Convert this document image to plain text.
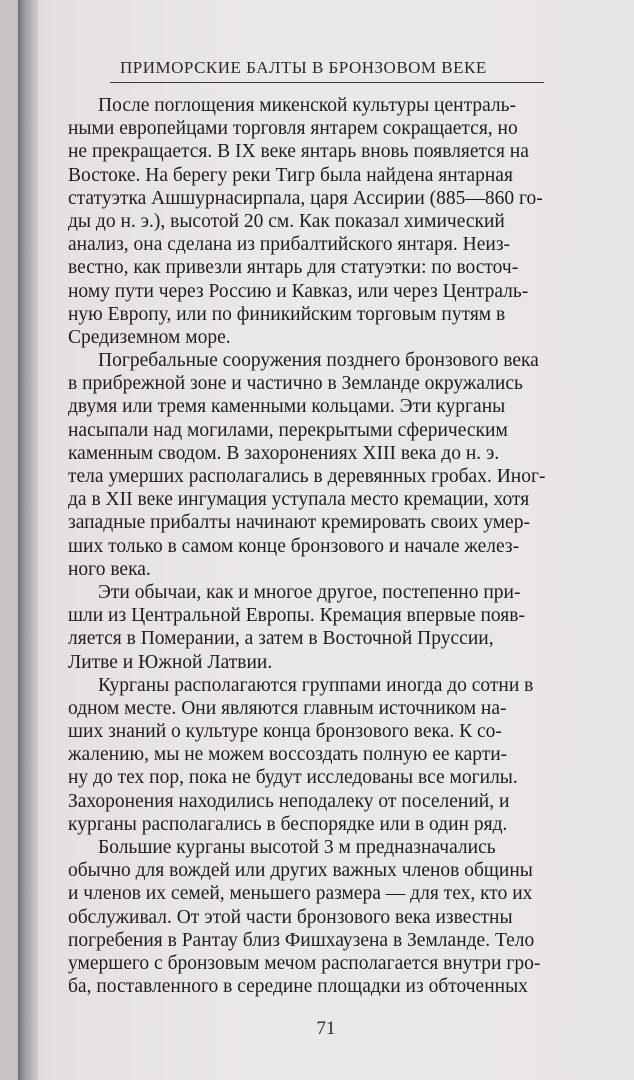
ПРИМОРСКИЕ БАЛТЫ В БРОНЗОВОМ ВЕКЕ
После поглощения микенской культуры централь-
ными европейцами торговля янтарем сокращается, но
не прекращается. В IX веке янтарь вновь появляется на
Востоке. На берегу реки Тигр была найдена янтарная
статуэтка Ашшурнасирпала, царя Ассирии (885—860 го-
ды до н. э.), высотой 20 см. Как показал химический
анализ, она сделана из прибалтийского янтаря. Неиз-
вестно, как привезли янтарь для статуэтки: по восточ-
ному пути через Россию и Кавказ, или через Централь-
ную Европу, или по финикийским торговым путям в
Средиземном море.
Погребальные сооружения позднего бронзового века
в прибрежной зоне и частично в Земланде окружались
двумя или тремя каменными кольцами. Эти курганы
насыпали над могилами, перекрытыми сферическим
каменным сводом. В захоронениях XIII века до н. э.
тела умерших располагались в деревянных гробах. Иног-
да в XII веке ингумация уступала место кремации, хотя
западные прибалты начинают кремировать своих умер-
ших только в самом конце бронзового и начале желез-
ного века.
Эти обычаи, как и многое другое, постепенно при-
шли из Центральной Европы. Кремация впервые появ-
ляется в Померании, а затем в Восточной Пруссии,
Литве и Южной Латвии.
Курганы располагаются группами иногда до сотни в
одном месте. Они являются главным источником на-
ших знаний о культуре конца бронзового века. К со-
жалению, мы не можем воссоздать полную ее карти-
ну до тех пор, пока не будут исследованы все могилы.
Захоронения находились неподалеку от поселений, и
курганы располагались в беспорядке или в один ряд.
Большие курганы высотой 3 м предназначались
обычно для вождей или других важных членов общины
и членов их семей, меньшего размера — для тех, кто их
обслуживал. От этой части бронзового века известны
погребения в Рантау близ Фишхаузена в Земланде. Тело
умершего с бронзовым мечом располагается внутри гро-
ба, поставленного в середине площадки из обточенных
71
